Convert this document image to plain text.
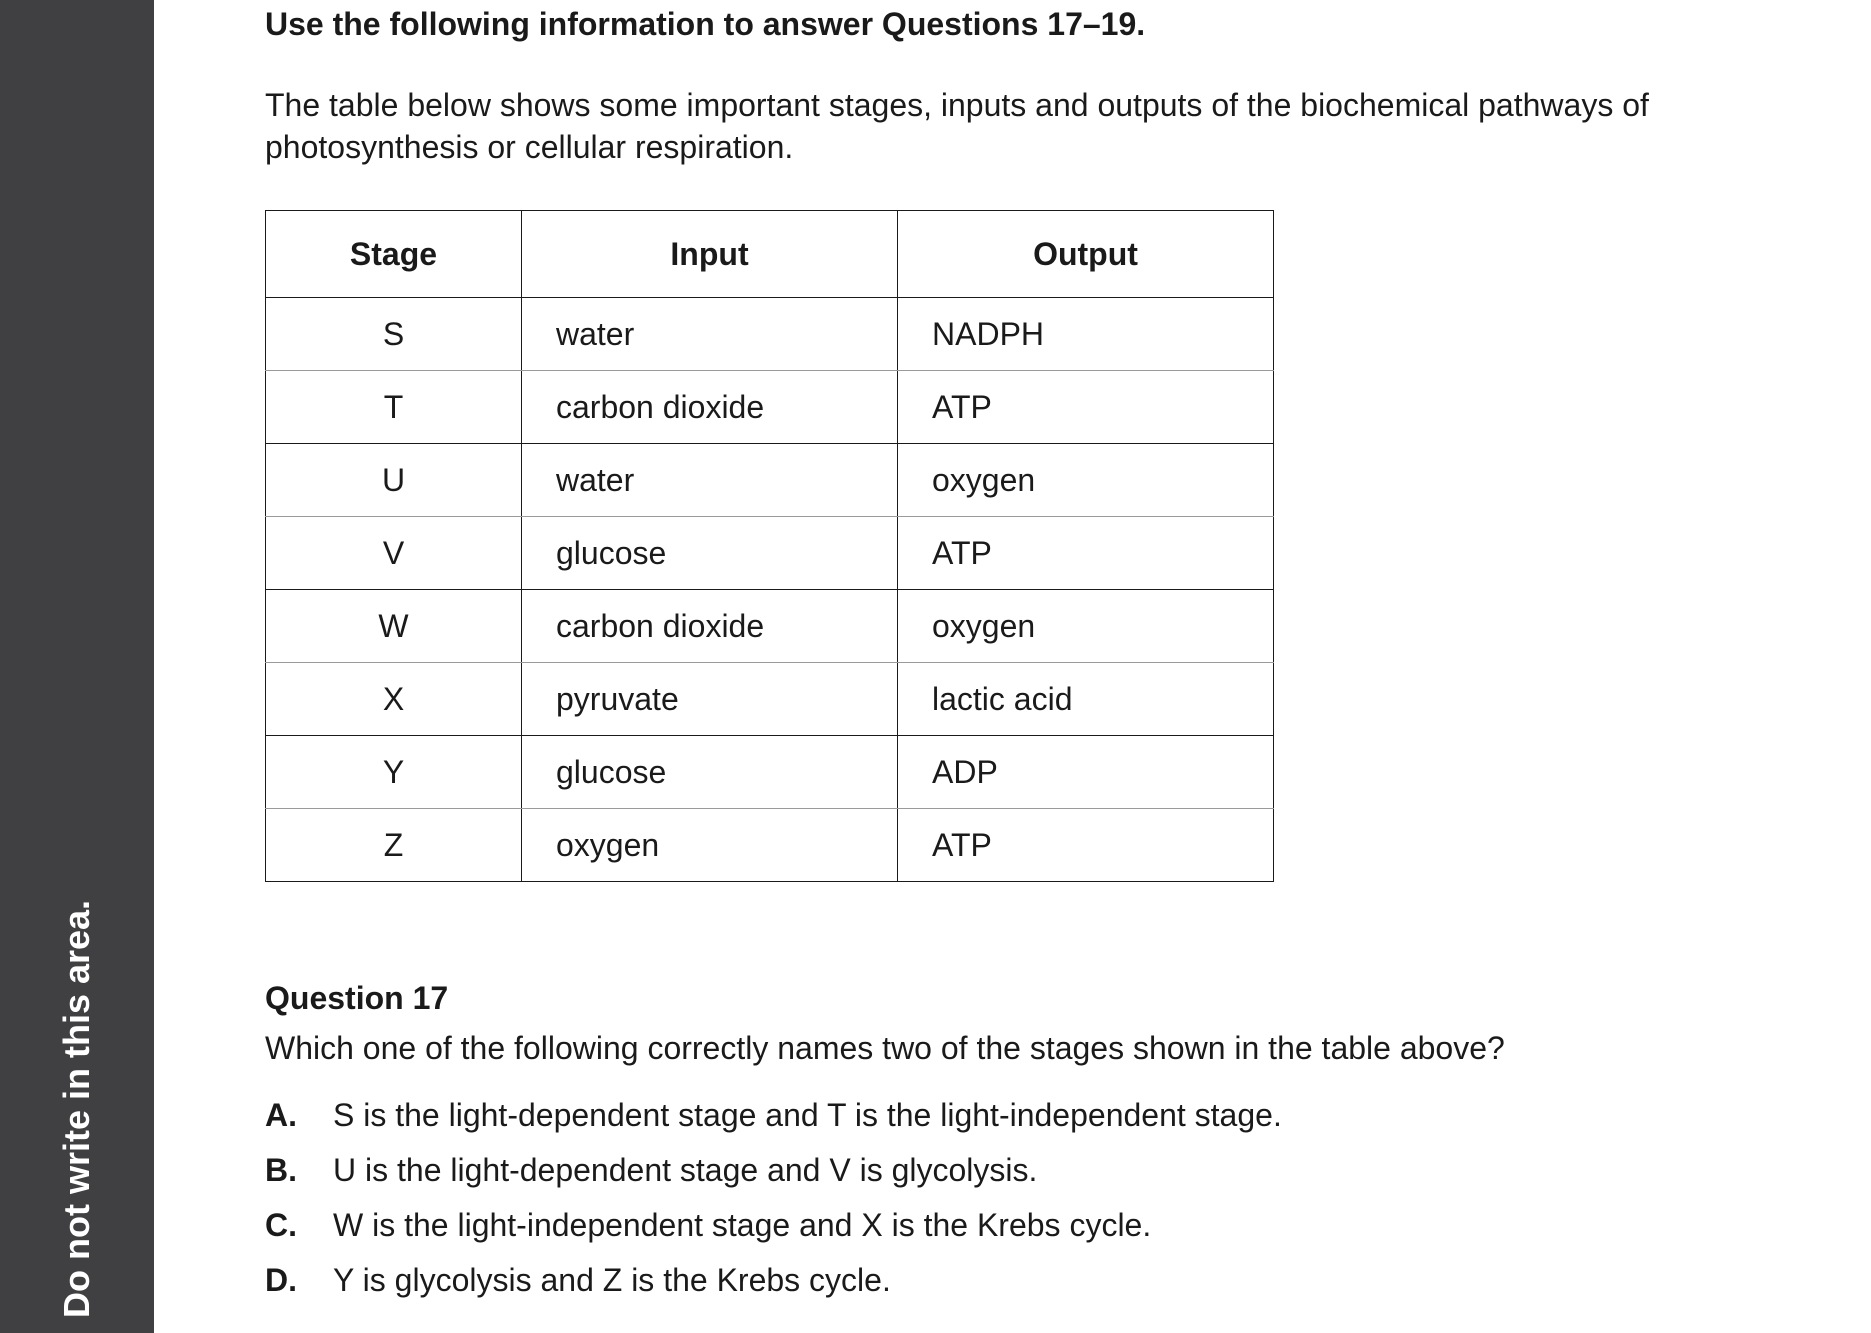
Do not write in this area.
Use the following information to answer Questions 17–19.
The table below shows some important stages, inputs and outputs of the biochemical pathways of photosynthesis or cellular respiration.
Stage	Input	Output
S	water	NADPH
T	carbon dioxide	ATP
U	water	oxygen
V	glucose	ATP
W	carbon dioxide	oxygen
X	pyruvate	lactic acid
Y	glucose	ADP
Z	oxygen	ATP
Question 17
Which one of the following correctly names two of the stages shown in the table above?
A.	S is the light-dependent stage and T is the light-independent stage.
B.	U is the light-dependent stage and V is glycolysis.
C.	W is the light-independent stage and X is the Krebs cycle.
D.	Y is glycolysis and Z is the Krebs cycle.
